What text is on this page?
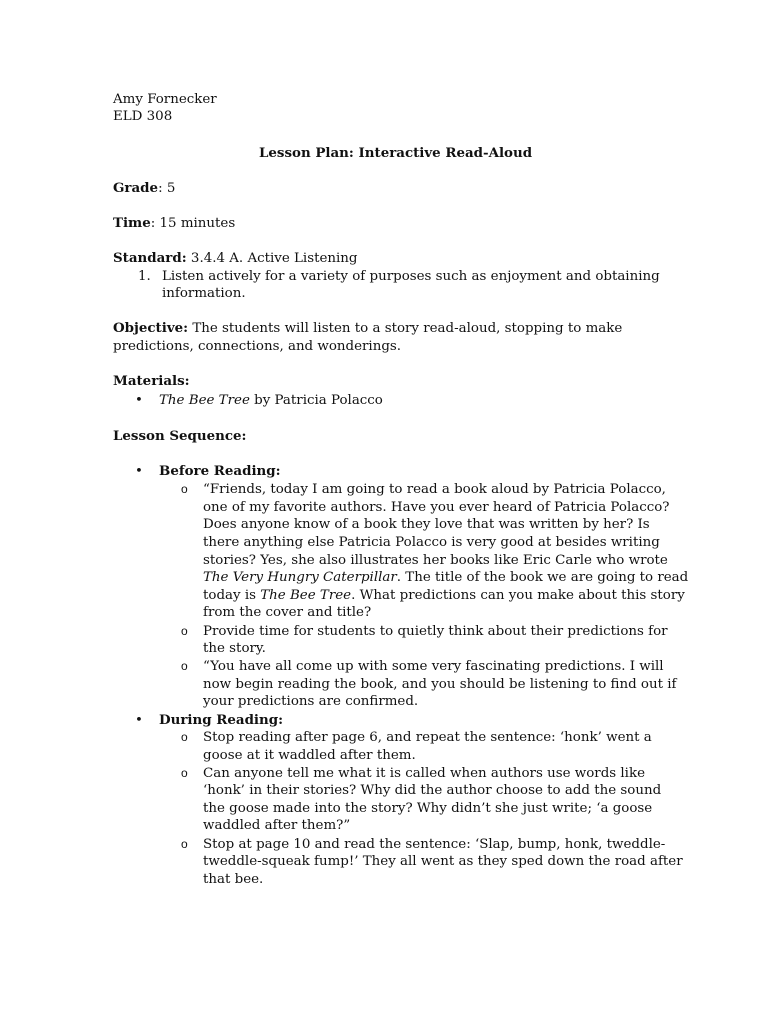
Amy Fornecker
ELD 308
Lesson Plan: Interactive Read-Aloud
Grade: 5
Time: 15 minutes
Standard: 3.4.4 A. Active Listening
1. Listen actively for a variety of purposes such as enjoyment and obtaining
information.
Objective: The students will listen to a story read-aloud, stopping to make
predictions, connections, and wonderings.
Materials:
• The Bee Tree by Patricia Polacco
Lesson Sequence:
• Before Reading:
o “Friends, today I am going to read a book aloud by Patricia Polacco,
one of my favorite authors. Have you ever heard of Patricia Polacco?
Does anyone know of a book they love that was written by her? Is
there anything else Patricia Polacco is very good at besides writing
stories? Yes, she also illustrates her books like Eric Carle who wrote
The Very Hungry Caterpillar. The title of the book we are going to read
today is The Bee Tree. What predictions can you make about this story
from the cover and title?
o Provide time for students to quietly think about their predictions for
the story.
o “You have all come up with some very fascinating predictions. I will
now begin reading the book, and you should be listening to find out if
your predictions are confirmed.
• During Reading:
o Stop reading after page 6, and repeat the sentence: ‘honk’ went a
goose at it waddled after them.
o Can anyone tell me what it is called when authors use words like
‘honk’ in their stories? Why did the author choose to add the sound
the goose made into the story? Why didn’t she just write; ‘a goose
waddled after them?”
o Stop at page 10 and read the sentence: ‘Slap, bump, honk, tweddle-
tweddle-squeak fump!’ They all went as they sped down the road after
that bee.
